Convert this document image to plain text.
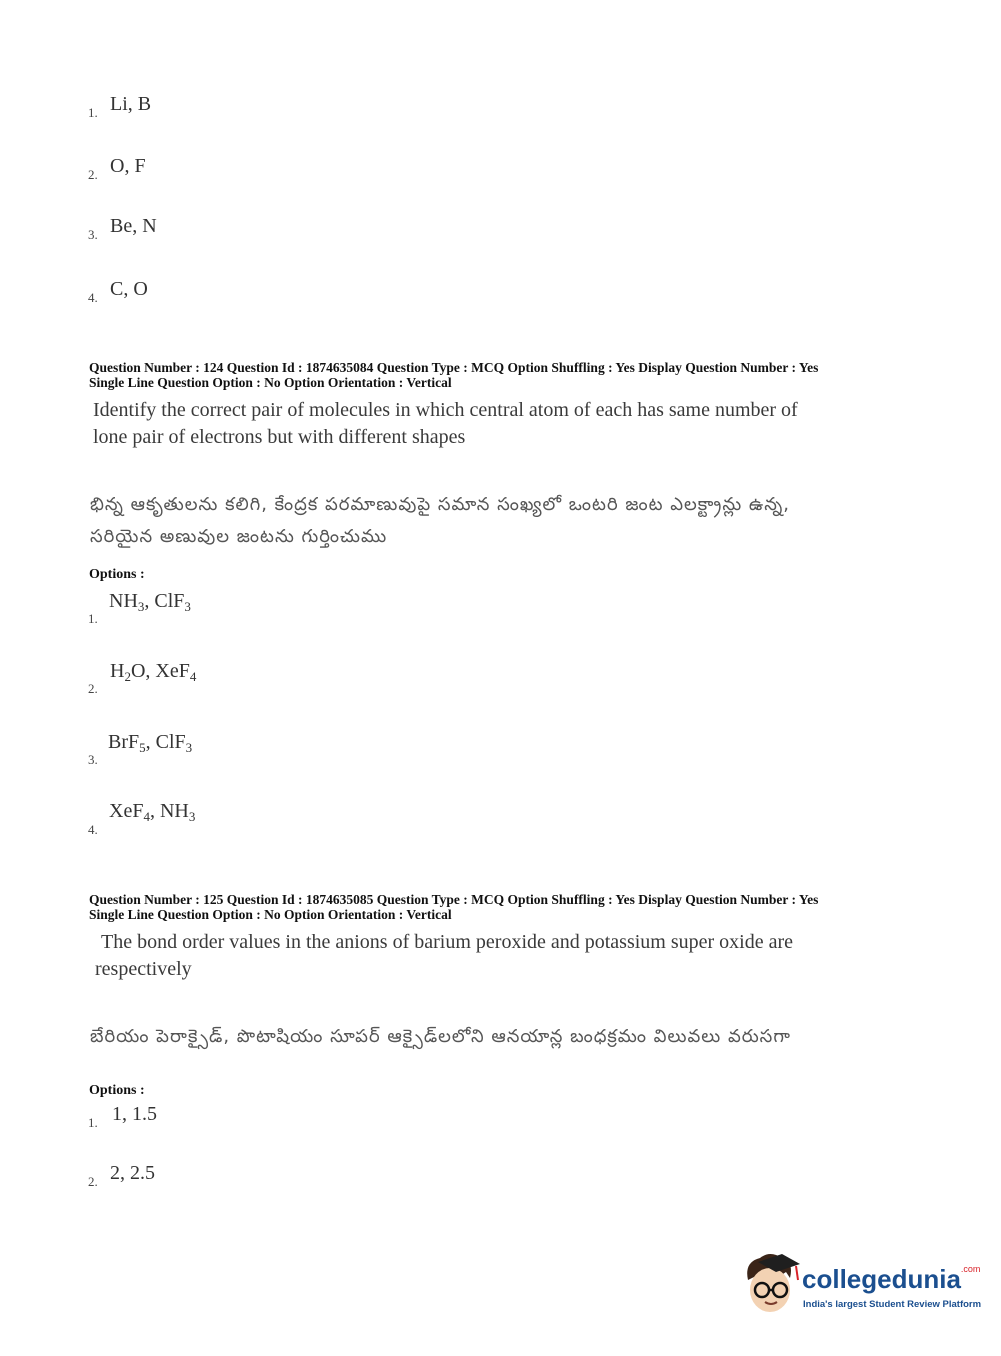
1. Li, B
2. O, F
3. Be, N
4. C, O
Question Number : 124 Question Id : 1874635084 Question Type : MCQ Option Shuffling : Yes Display Question Number : Yes
Single Line Question Option : No Option Orientation : Vertical
Identify the correct pair of molecules in which central atom of each has same number of
lone pair of electrons but with different shapes
భిన్న ఆకృతులను కలిగి, కేంద్రక పరమాణువుపై సమాన సంఖ్యలో ఒంటరి జంట ఎలక్ట్రాన్లు ఉన్న,
సరియైన అణువుల జంటను గుర్తించుము
Options :
1.
$NH_3$, ClF$_3$
2.
$H_2O$, XeF$_4$
3.
BrF$_5$, ClF$_3$
4.
XeF$_4$, $NH_3$
Question Number : 125 Question Id : 1874635085 Question Type : MCQ Option Shuffling : Yes Display Question Number : Yes
Single Line Question Option : No Option Orientation : Vertical
The bond order values in the anions of barium peroxide and potassium super oxide are
respectively
బేరియం పెరాక్సైడ్, పొటాషియం సూపర్ ఆక్సైడ్‌లలోని ఆనయాన్ల బంధక్రమం విలువలు వరుసగా
Options :
1. 1, 1.5
2. 2, 2.5
collegedunia$^{.com}$
India's largest Student Review Platform
